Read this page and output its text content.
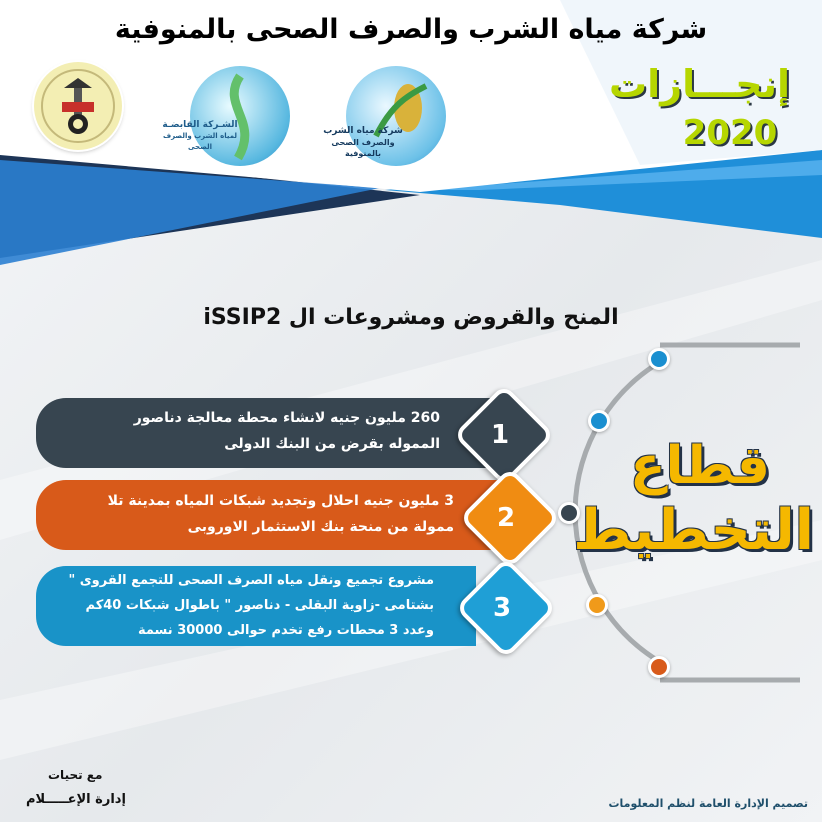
شركة مياه الشرب والصرف الصحى بالمنوفية
الشـركة القابضـة
لمياه الشرب والصرف الصحى
شركة مياه الشرب
والصرف الصحى بالمنوفية
إنجـــازات
2020
المنح والقروض ومشروعات ال iSSIP2
260 مليون جنيه لانشاء محطة معالجة دناصور
المموله بقرض من البنك الدولى	1
3 مليون جنيه احلال وتجديد شبكات المياه بمدينة تلا
ممولة من منحة بنك الاستثمار الاوروبى	2
مشروع تجميع ونقل مياه الصرف الصحى للتجمع القروى "
بشتامى -زاوية البقلى - دناصور " باطوال شبكات 40كم
وعدد 3 محطات رفع تخدم حوالى 30000 نسمة
3
قطاع
التخطيط
مع تحيات
إدارة الإعـــــلام	تصميم الإدارة العامة لنظم المعلومات
